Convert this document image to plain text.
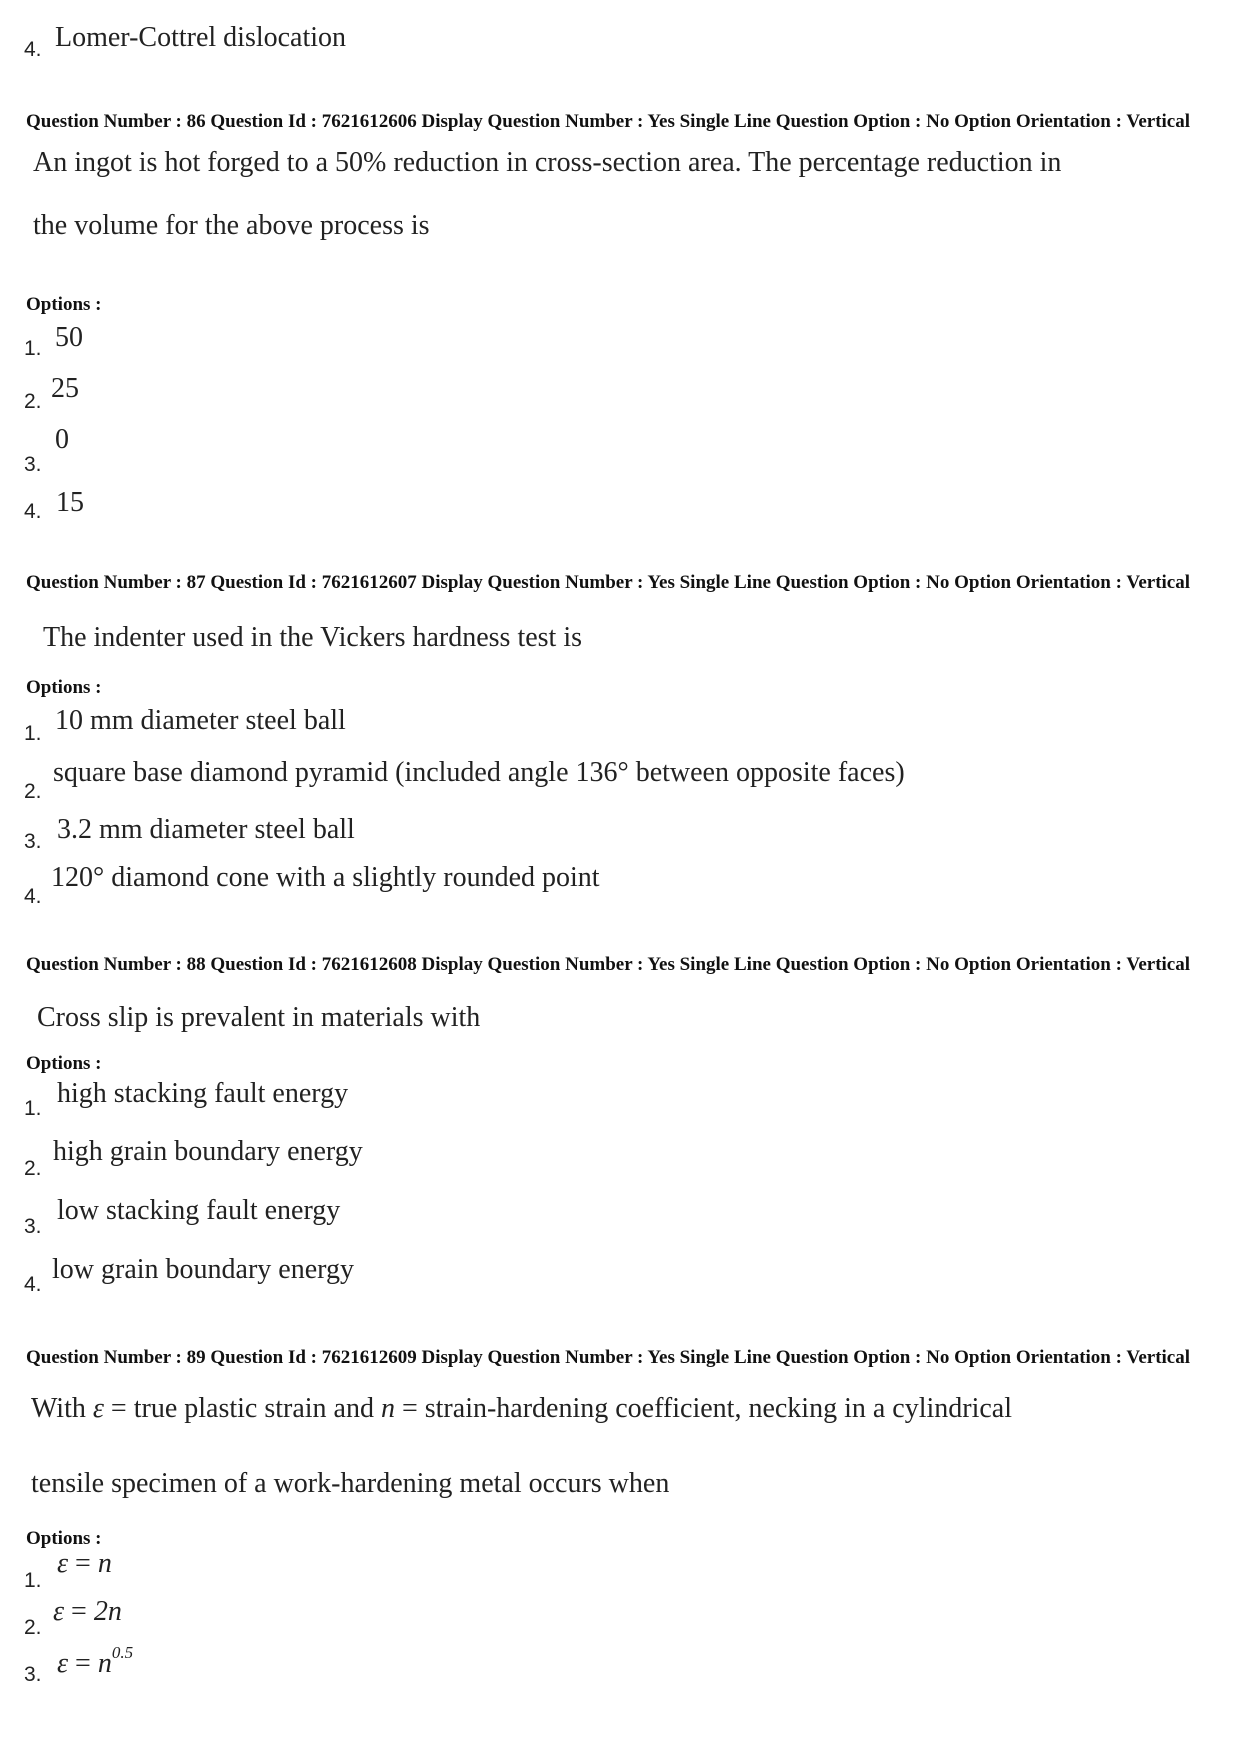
4. Lomer-Cottrel dislocation
Question Number : 86 Question Id : 7621612606 Display Question Number : Yes Single Line Question Option : No Option Orientation : Vertical
An ingot is hot forged to a 50% reduction in cross-section area. The percentage reduction in
the volume for the above process is
Options :
1. 50
2. 25
3.
0
4. 15
Question Number : 87 Question Id : 7621612607 Display Question Number : Yes Single Line Question Option : No Option Orientation : Vertical
The indenter used in the Vickers hardness test is
Options :
1. 10 mm diameter steel ball
2.
square base diamond pyramid (included angle 136° between opposite faces)
3. 3.2 mm diameter steel ball
4.
120° diamond cone with a slightly rounded point
Question Number : 88 Question Id : 7621612608 Display Question Number : Yes Single Line Question Option : No Option Orientation : Vertical
Cross slip is prevalent in materials with
Options :
1. high stacking fault energy
2.
high grain boundary energy
3.
low stacking fault energy
4. low grain boundary energy
Question Number : 89 Question Id : 7621612609 Display Question Number : Yes Single Line Question Option : No Option Orientation : Vertical
With ε = true plastic strain and n = strain-hardening coefficient, necking in a cylindrical
tensile specimen of a work-hardening metal occurs when
Options :
1.
ε = n
2.
ε = 2n
3. $\varepsilon = n^{0.5}$
